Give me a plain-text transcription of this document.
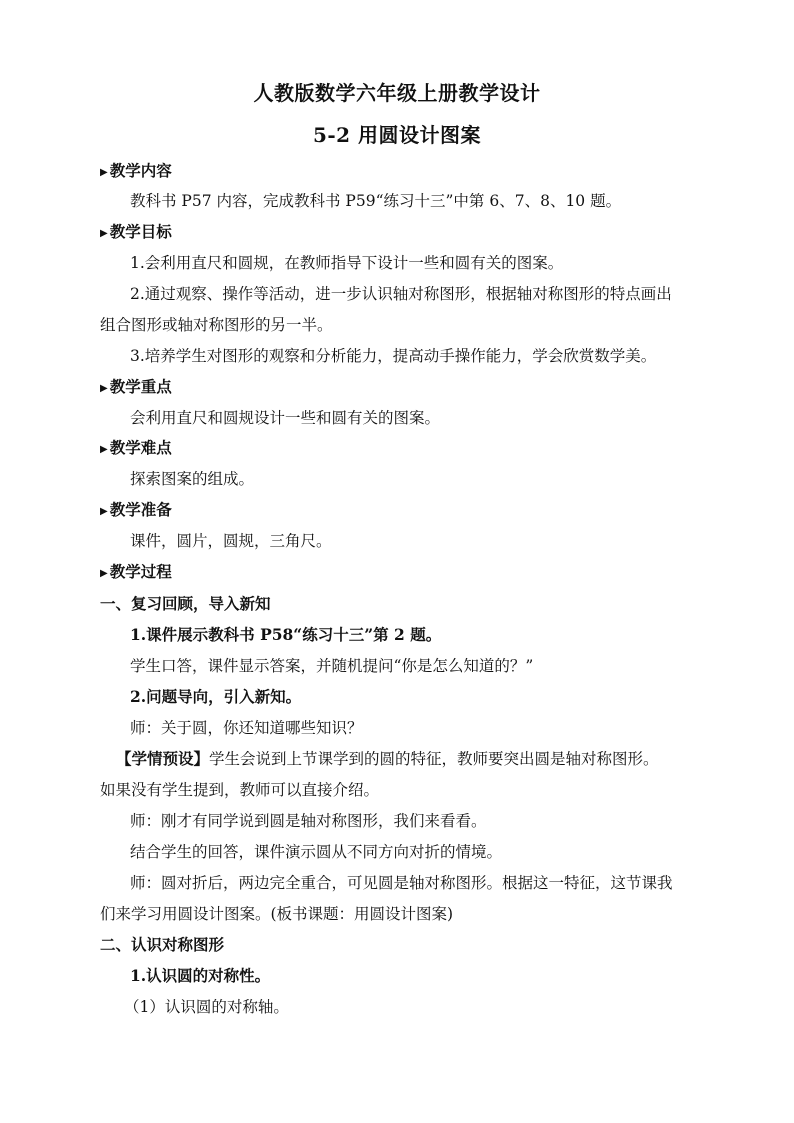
人教版数学六年级上册教学设计
5-2 用圆设计图案
▶ 教学内容
教科书 P57 内容，完成教科书 P59“练习十三”中第 6、7、8、10 题。
▶ 教学目标
1.会利用直尺和圆规，在教师指导下设计一些和圆有关的图案。
2.通过观察、操作等活动，进一步认识轴对称图形，根据轴对称图形的特点画出
组合图形或轴对称图形的另一半。
3.培养学生对图形的观察和分析能力，提高动手操作能力，学会欣赏数学美。
▶ 教学重点
会利用直尺和圆规设计一些和圆有关的图案。
▶ 教学难点
探索图案的组成。
▶ 教学准备
课件，圆片，圆规，三角尺。
▶ 教学过程
一、复习回顾，导入新知
1.课件展示教科书 P58“练习十三”第 2 题。
学生口答，课件显示答案，并随机提问“你是怎么知道的？”
2.问题导向，引入新知。
师：关于圆，你还知道哪些知识？
【学情预设】学生会说到上节课学到的圆的特征，教师要突出圆是轴对称图形。
如果没有学生提到，教师可以直接介绍。
师：刚才有同学说到圆是轴对称图形，我们来看看。
结合学生的回答，课件演示圆从不同方向对折的情境。
师：圆对折后，两边完全重合，可见圆是轴对称图形。根据这一特征，这节课我
们来学习用圆设计图案。(板书课题：用圆设计图案)
二、认识对称图形
1.认识圆的对称性。
（1）认识圆的对称轴。
